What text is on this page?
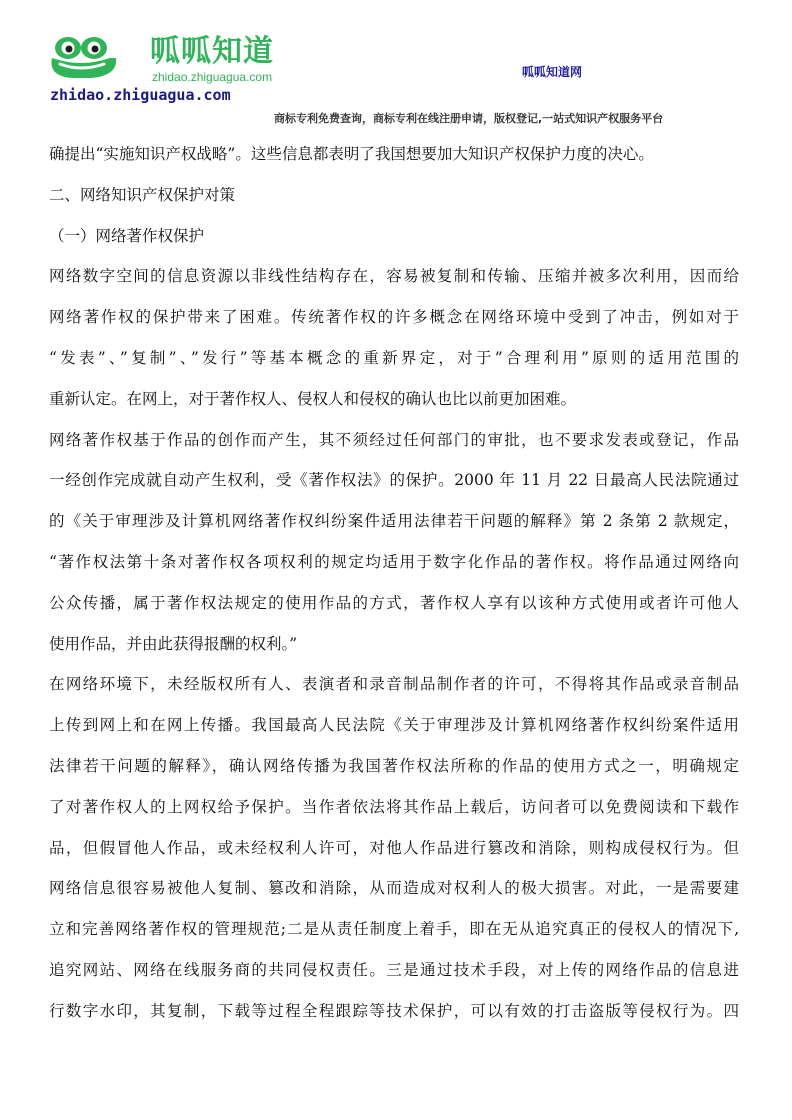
呱呱知道
zhidao.zhiguagua.com
zhidao.zhiguagua.com
呱呱知道网
商标专利免费查询，商标专利在线注册申请，版权登记,一站式知识产权服务平台
确提出“实施知识产权战略”。这些信息都表明了我国想要加大知识产权保护力度的决心。
二、网络知识产权保护对策
（一）网络著作权保护
网络数字空间的信息资源以非线性结构存在，容易被复制和传输、压缩并被多次利用，因而给
网络著作权的保护带来了困难。传统著作权的许多概念在网络环境中受到了冲击，例如对于
“发表”、”复制”、”发行”等基本概念的重新界定，对于”合理利用”原则的适用范围的
重新认定。在网上，对于著作权人、侵权人和侵权的确认也比以前更加困难。
网络著作权基于作品的创作而产生，其不须经过任何部门的审批，也不要求发表或登记，作品
一经创作完成就自动产生权利，受《著作权法》的保护。2000 年 11 月 22 日最高人民法院通过
的《关于审理涉及计算机网络著作权纠纷案件适用法律若干问题的解释》第 2 条第 2 款规定，
“著作权法第十条对著作权各项权利的规定均适用于数字化作品的著作权。将作品通过网络向
公众传播，属于著作权法规定的使用作品的方式，著作权人享有以该种方式使用或者许可他人
使用作品，并由此获得报酬的权利。”
在网络环境下，未经版权所有人、表演者和录音制品制作者的许可，不得将其作品或录音制品
上传到网上和在网上传播。我国最高人民法院《关于审理涉及计算机网络著作权纠纷案件适用
法律若干问题的解释》，确认网络传播为我国著作权法所称的作品的使用方式之一，明确规定
了对著作权人的上网权给予保护。当作者依法将其作品上载后，访问者可以免费阅读和下载作
品，但假冒他人作品，或未经权利人许可，对他人作品进行篡改和消除，则构成侵权行为。但
网络信息很容易被他人复制、篡改和消除，从而造成对权利人的极大损害。对此，一是需要建
立和完善网络著作权的管理规范;二是从责任制度上着手，即在无从追究真正的侵权人的情况下,
追究网站、网络在线服务商的共同侵权责任。三是通过技术手段，对上传的网络作品的信息进
行数字水印，其复制，下载等过程全程跟踪等技术保护，可以有效的打击盗版等侵权行为。四
